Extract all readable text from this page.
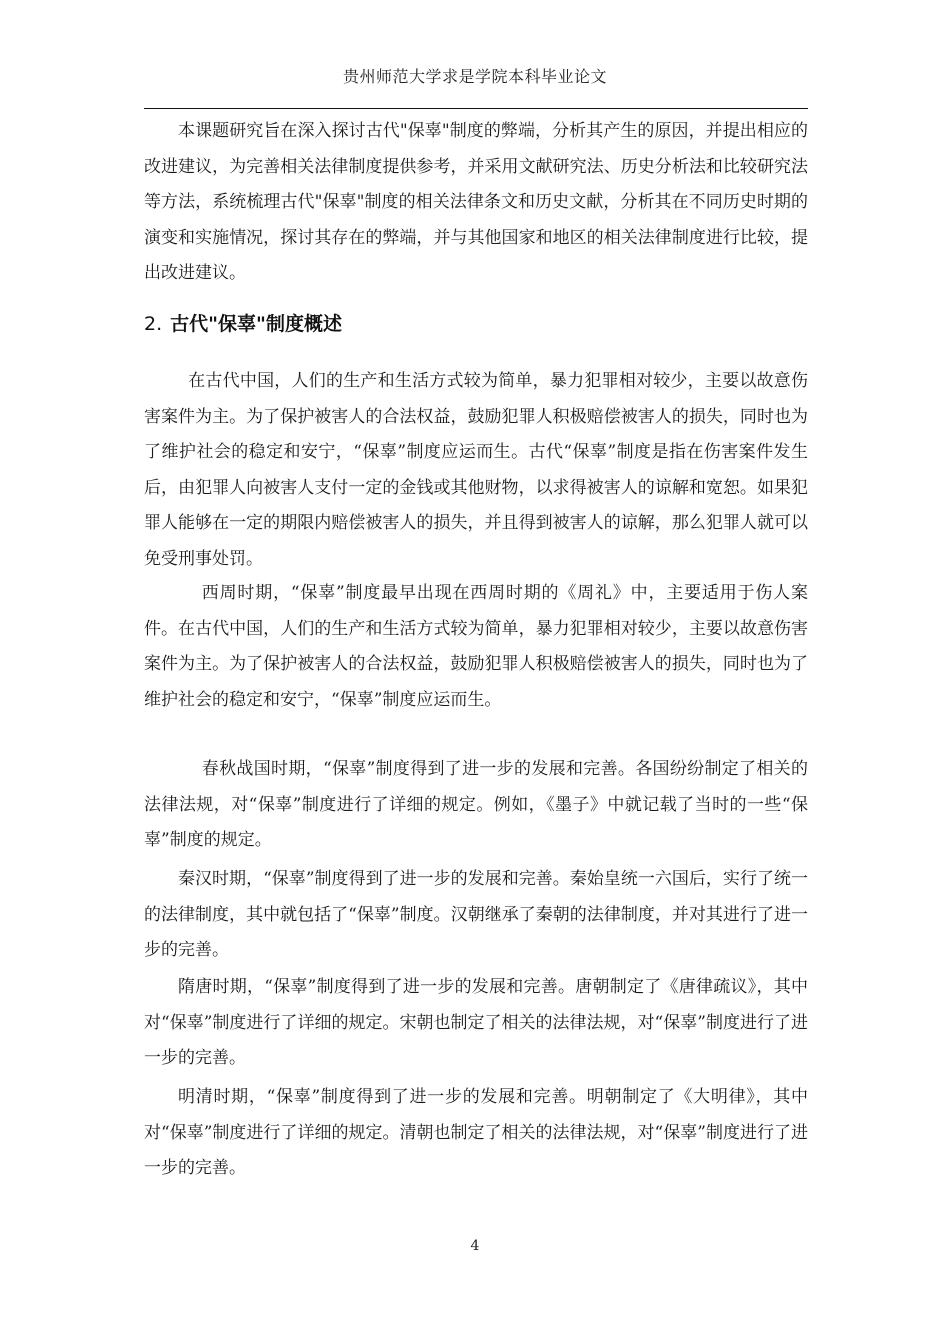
贵州师范大学求是学院本科毕业论文

本课题研究旨在深入探讨古代"保辜"制度的弊端，分析其产生的原因，并提出相应的改进建议，为完善相关法律制度提供参考，并采用文献研究法、历史分析法和比较研究法等方法，系统梳理古代"保辜"制度的相关法律条文和历史文献，分析其在不同历史时期的演变和实施情况，探讨其存在的弊端，并与其他国家和地区的相关法律制度进行比较，提出改进建议。

2. 古代"保辜"制度概述

在古代中国，人们的生产和生活方式较为简单，暴力犯罪相对较少，主要以故意伤害案件为主。为了保护被害人的合法权益，鼓励犯罪人积极赔偿被害人的损失，同时也为了维护社会的稳定和安宁，“保辜”制度应运而生。古代“保辜”制度是指在伤害案件发生后，由犯罪人向被害人支付一定的金钱或其他财物，以求得被害人的谅解和宽恕。如果犯罪人能够在一定的期限内赔偿被害人的损失，并且得到被害人的谅解，那么犯罪人就可以免受刑事处罚。

西周时期，“保辜”制度最早出现在西周时期的《周礼》中，主要适用于伤人案件。在古代中国，人们的生产和生活方式较为简单，暴力犯罪相对较少，主要以故意伤害案件为主。为了保护被害人的合法权益，鼓励犯罪人积极赔偿被害人的损失，同时也为了维护社会的稳定和安宁，“保辜”制度应运而生。

春秋战国时期，“保辜”制度得到了进一步的发展和完善。各国纷纷制定了相关的法律法规，对“保辜”制度进行了详细的规定。例如，《墨子》中就记载了当时的一些“保辜”制度的规定。

秦汉时期，“保辜”制度得到了进一步的发展和完善。秦始皇统一六国后，实行了统一的法律制度，其中就包括了“保辜”制度。汉朝继承了秦朝的法律制度，并对其进行了进一步的完善。

隋唐时期，“保辜”制度得到了进一步的发展和完善。唐朝制定了《唐律疏议》，其中对“保辜”制度进行了详细的规定。宋朝也制定了相关的法律法规，对“保辜”制度进行了进一步的完善。

明清时期，“保辜”制度得到了进一步的发展和完善。明朝制定了《大明律》，其中对“保辜”制度进行了详细的规定。清朝也制定了相关的法律法规，对“保辜”制度进行了进一步的完善。

4
